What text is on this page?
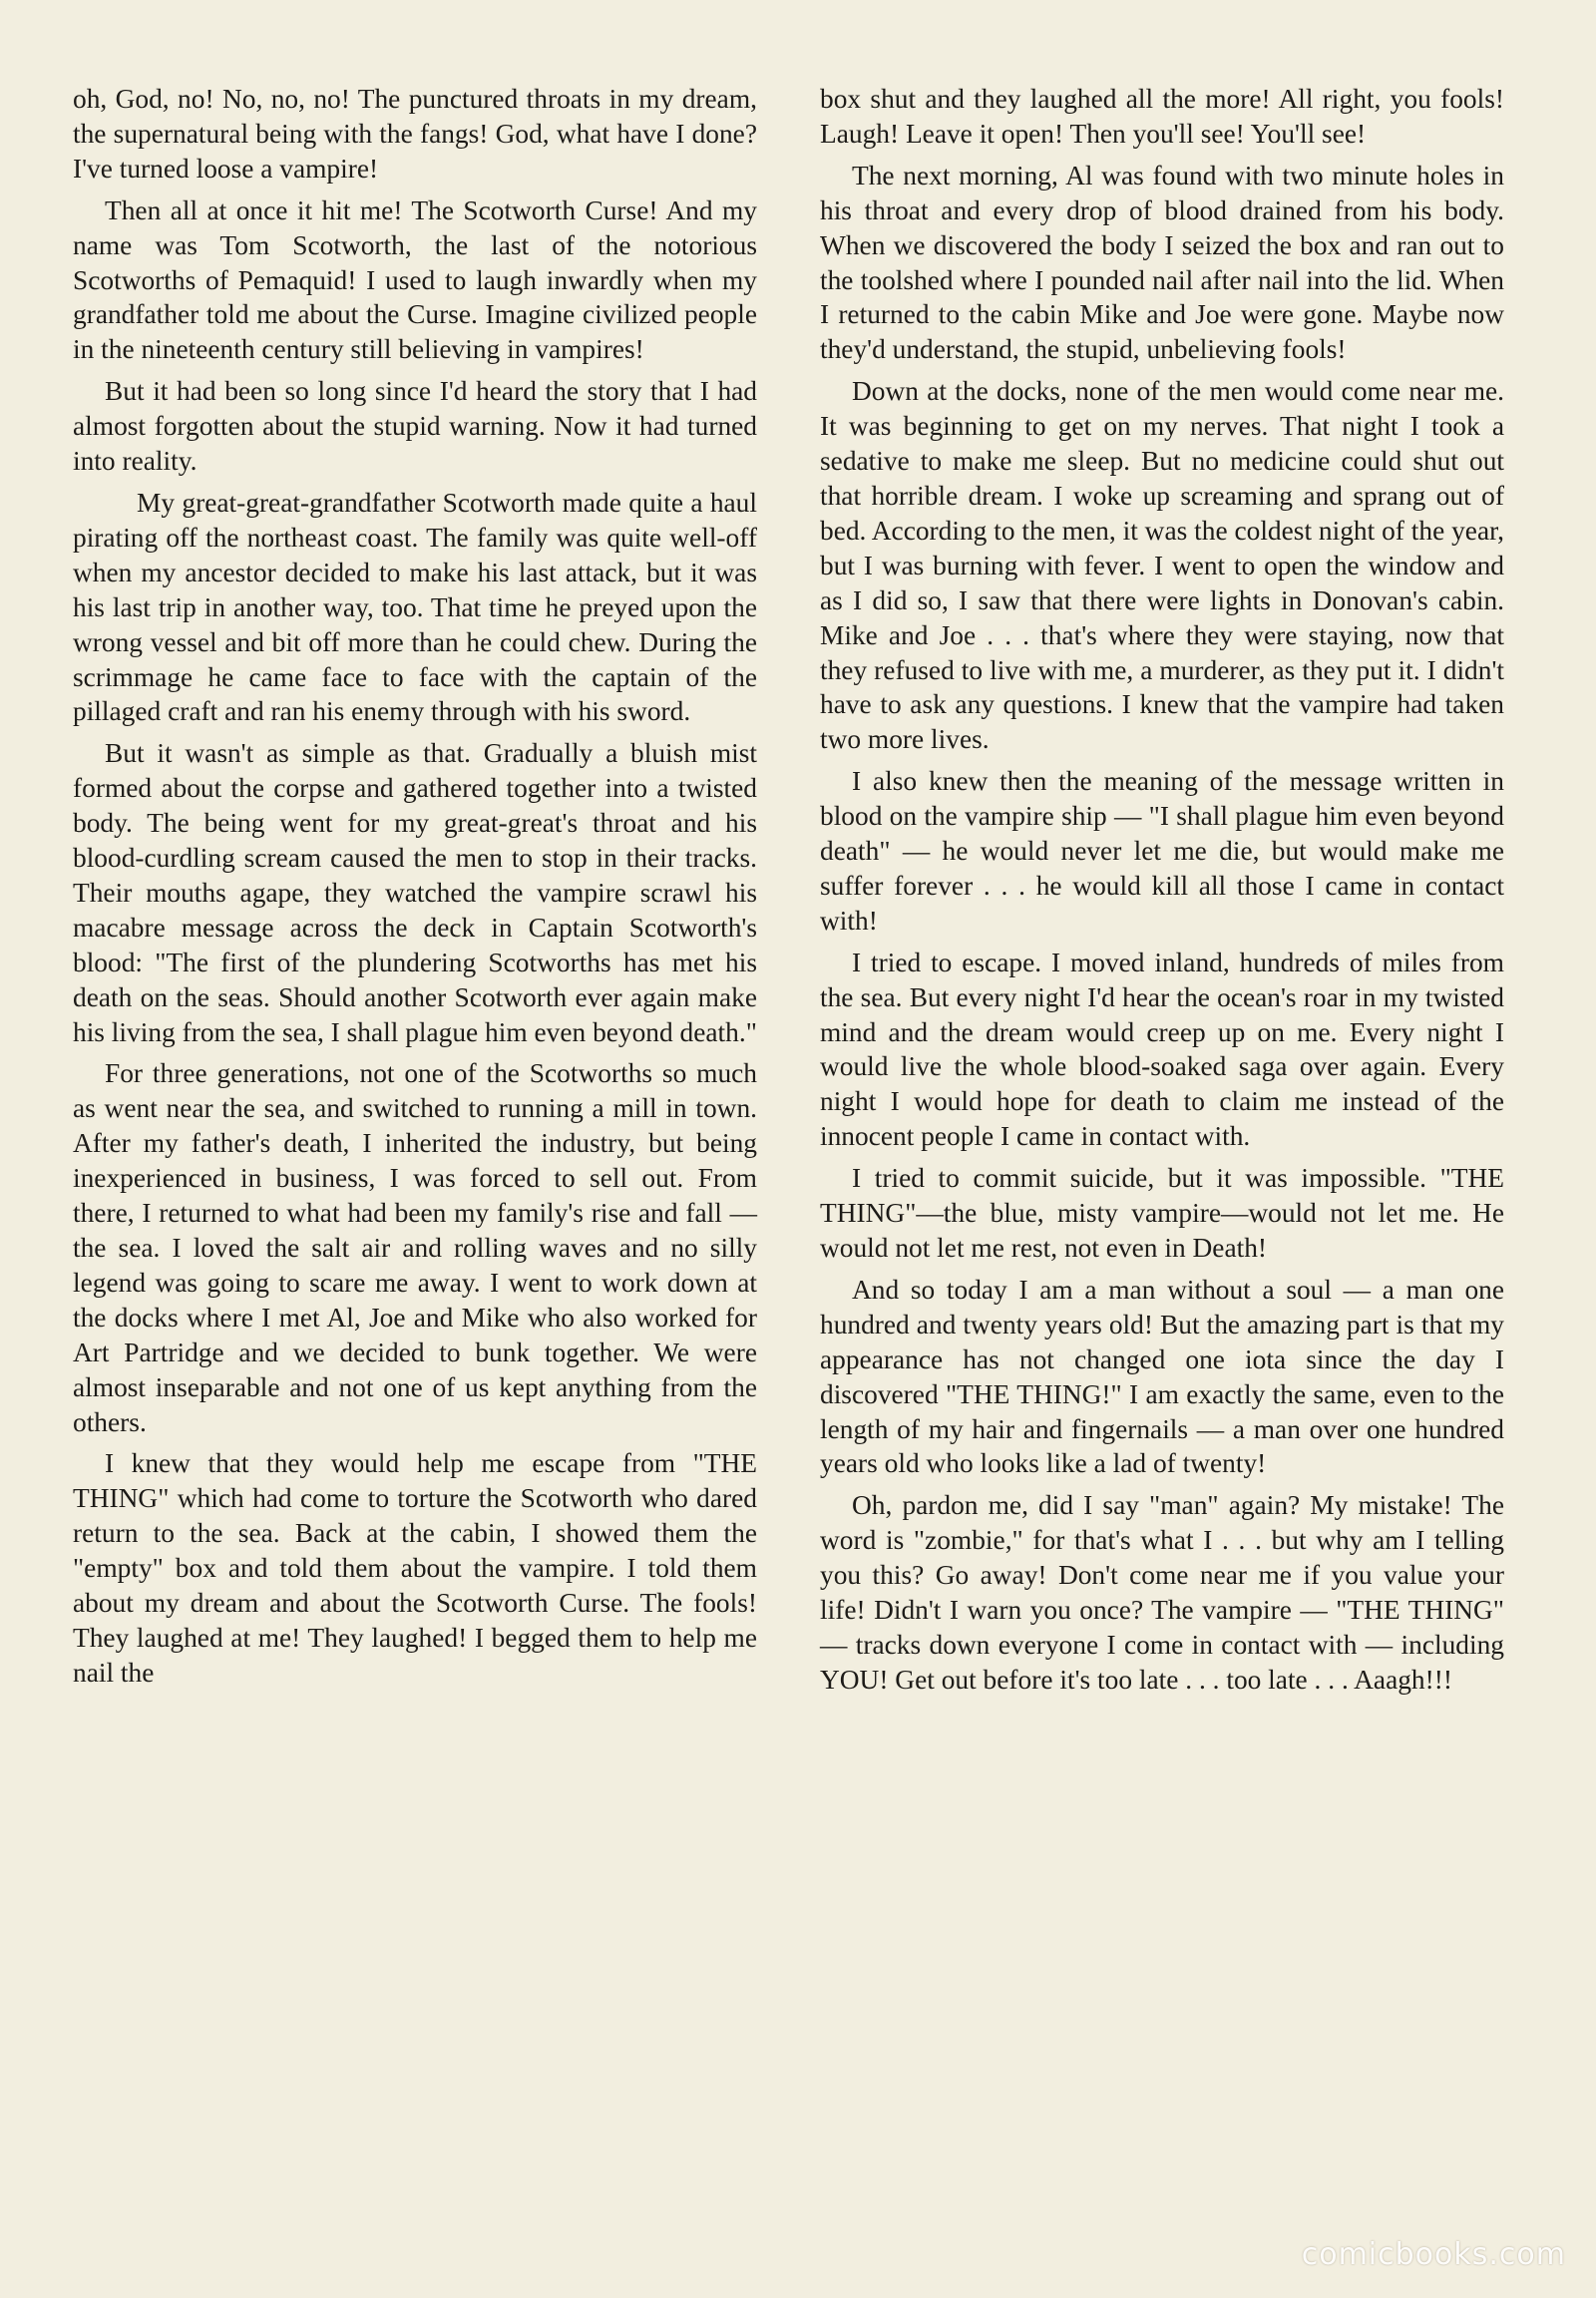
oh, God, no! No, no, no! The punctured throats in my dream, the supernatural being with the fangs! God, what have I done? I've turned loose a vampire!

Then all at once it hit me! The Scotworth Curse! And my name was Tom Scotworth, the last of the notorious Scotworths of Pemaquid! I used to laugh inwardly when my grandfather told me about the Curse. Imagine civilized people in the nineteenth century still believing in vampires!

But it had been so long since I'd heard the story that I had almost forgotten about the stupid warning. Now it had turned into reality.

My great-great-grandfather Scotworth made quite a haul pirating off the northeast coast. The family was quite well-off when my ancestor decided to make his last attack, but it was his last trip in another way, too. That time he preyed upon the wrong vessel and bit off more than he could chew. During the scrimmage he came face to face with the captain of the pillaged craft and ran his enemy through with his sword.

But it wasn't as simple as that. Gradually a bluish mist formed about the corpse and gathered together into a twisted body. The being went for my great-great's throat and his blood-curdling scream caused the men to stop in their tracks. Their mouths agape, they watched the vampire scrawl his macabre message across the deck in Captain Scotworth's blood: "The first of the plundering Scotworths has met his death on the seas. Should another Scotworth ever again make his living from the sea, I shall plague him even beyond death."

For three generations, not one of the Scotworths so much as went near the sea, and switched to running a mill in town. After my father's death, I inherited the industry, but being inexperienced in business, I was forced to sell out. From there, I returned to what had been my family's rise and fall — the sea. I loved the salt air and rolling waves and no silly legend was going to scare me away. I went to work down at the docks where I met Al, Joe and Mike who also worked for Art Partridge and we decided to bunk together. We were almost inseparable and not one of us kept anything from the others.

I knew that they would help me escape from "THE THING" which had come to torture the Scotworth who dared return to the sea. Back at the cabin, I showed them the "empty" box and told them about the vampire. I told them about my dream and about the Scotworth Curse. The fools! They laughed at me! They laughed! I begged them to help me nail the

box shut and they laughed all the more! All right, you fools! Laugh! Leave it open! Then you'll see! You'll see!

The next morning, Al was found with two minute holes in his throat and every drop of blood drained from his body. When we discovered the body I seized the box and ran out to the toolshed where I pounded nail after nail into the lid. When I returned to the cabin Mike and Joe were gone. Maybe now they'd understand, the stupid, unbelieving fools!

Down at the docks, none of the men would come near me. It was beginning to get on my nerves. That night I took a sedative to make me sleep. But no medicine could shut out that horrible dream. I woke up screaming and sprang out of bed. According to the men, it was the coldest night of the year, but I was burning with fever. I went to open the window and as I did so, I saw that there were lights in Donovan's cabin. Mike and Joe . . . that's where they were staying, now that they refused to live with me, a murderer, as they put it. I didn't have to ask any questions. I knew that the vampire had taken two more lives.

I also knew then the meaning of the message written in blood on the vampire ship — "I shall plague him even beyond death" — he would never let me die, but would make me suffer forever . . . he would kill all those I came in contact with!

I tried to escape. I moved inland, hundreds of miles from the sea. But every night I'd hear the ocean's roar in my twisted mind and the dream would creep up on me. Every night I would live the whole blood-soaked saga over again. Every night I would hope for death to claim me instead of the innocent people I came in contact with.

I tried to commit suicide, but it was impossible. "THE THING"—the blue, misty vampire—would not let me. He would not let me rest, not even in Death!

And so today I am a man without a soul — a man one hundred and twenty years old! But the amazing part is that my appearance has not changed one iota since the day I discovered "THE THING!" I am exactly the same, even to the length of my hair and fingernails — a man over one hundred years old who looks like a lad of twenty!

Oh, pardon me, did I say "man" again? My mistake! The word is "zombie," for that's what I . . . but why am I telling you this? Go away! Don't come near me if you value your life! Didn't I warn you once? The vampire — "THE THING" — tracks down everyone I come in contact with — including YOU! Get out before it's too late . . . too late . . . Aaagh!!!

comicbooks.com
